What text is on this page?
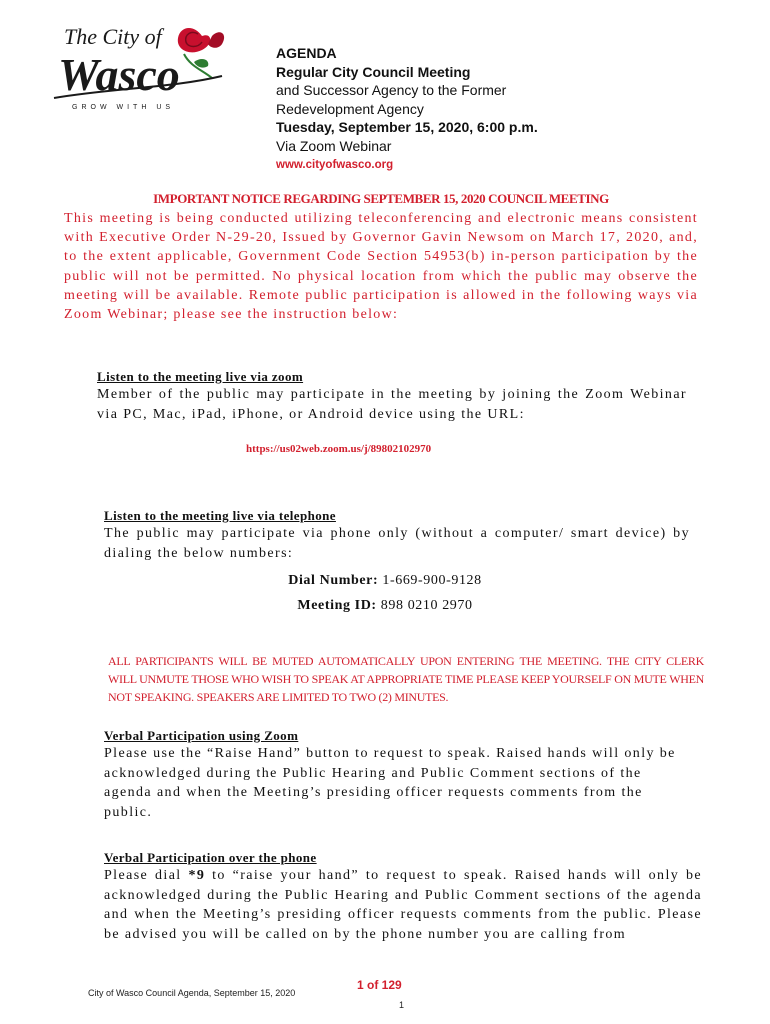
The City of
Wasco
GROW WITH US
AGENDA
Regular City Council Meeting
and Successor Agency to the Former
Redevelopment Agency
Tuesday, September 15, 2020, 6:00 p.m.
Via Zoom Webinar
www.cityofwasco.org
IMPORTANT NOTICE REGARDING SEPTEMBER 15, 2020 COUNCIL MEETING
This meeting is being conducted utilizing teleconferencing and electronic means consistent with Executive Order N-29-20, Issued by Governor Gavin Newsom on March 17, 2020, and, to the extent applicable, Government Code Section 54953(b) in-person participation by the public will not be permitted. No physical location from which the public may observe the meeting will be available. Remote public participation is allowed in the following ways via Zoom Webinar; please see the instruction below:
Listen to the meeting live via zoom
Member of the public may participate in the meeting by joining the Zoom Webinar via PC, Mac, iPad, iPhone, or Android device using the URL:
https://us02web.zoom.us/j/89802102970
Listen to the meeting live via telephone
The public may participate via phone only (without a computer/ smart device) by dialing the below numbers:
Dial Number: 1-669-900-9128
Meeting ID: 898 0210 2970
ALL PARTICIPANTS WILL BE MUTED AUTOMATICALLY UPON ENTERING THE MEETING. THE CITY CLERK WILL UNMUTE THOSE WHO WISH TO SPEAK AT APPROPRIATE TIME PLEASE KEEP YOURSELF ON MUTE WHEN NOT SPEAKING. SPEAKERS ARE LIMITED TO TWO (2) MINUTES.
Verbal Participation using Zoom
Please use the “Raise Hand” button to request to speak. Raised hands will only be acknowledged during the Public Hearing and Public Comment sections of the agenda and when the Meeting’s presiding officer requests comments from the public.
Verbal Participation over the phone
Please dial *9 to “raise your hand” to request to speak. Raised hands will only be acknowledged during the Public Hearing and Public Comment sections of the agenda and when the Meeting’s presiding officer requests comments from the public. Please be advised you will be called on by the phone number you are calling from
City of Wasco Council Agenda, September 15, 2020
1 of 129
1
